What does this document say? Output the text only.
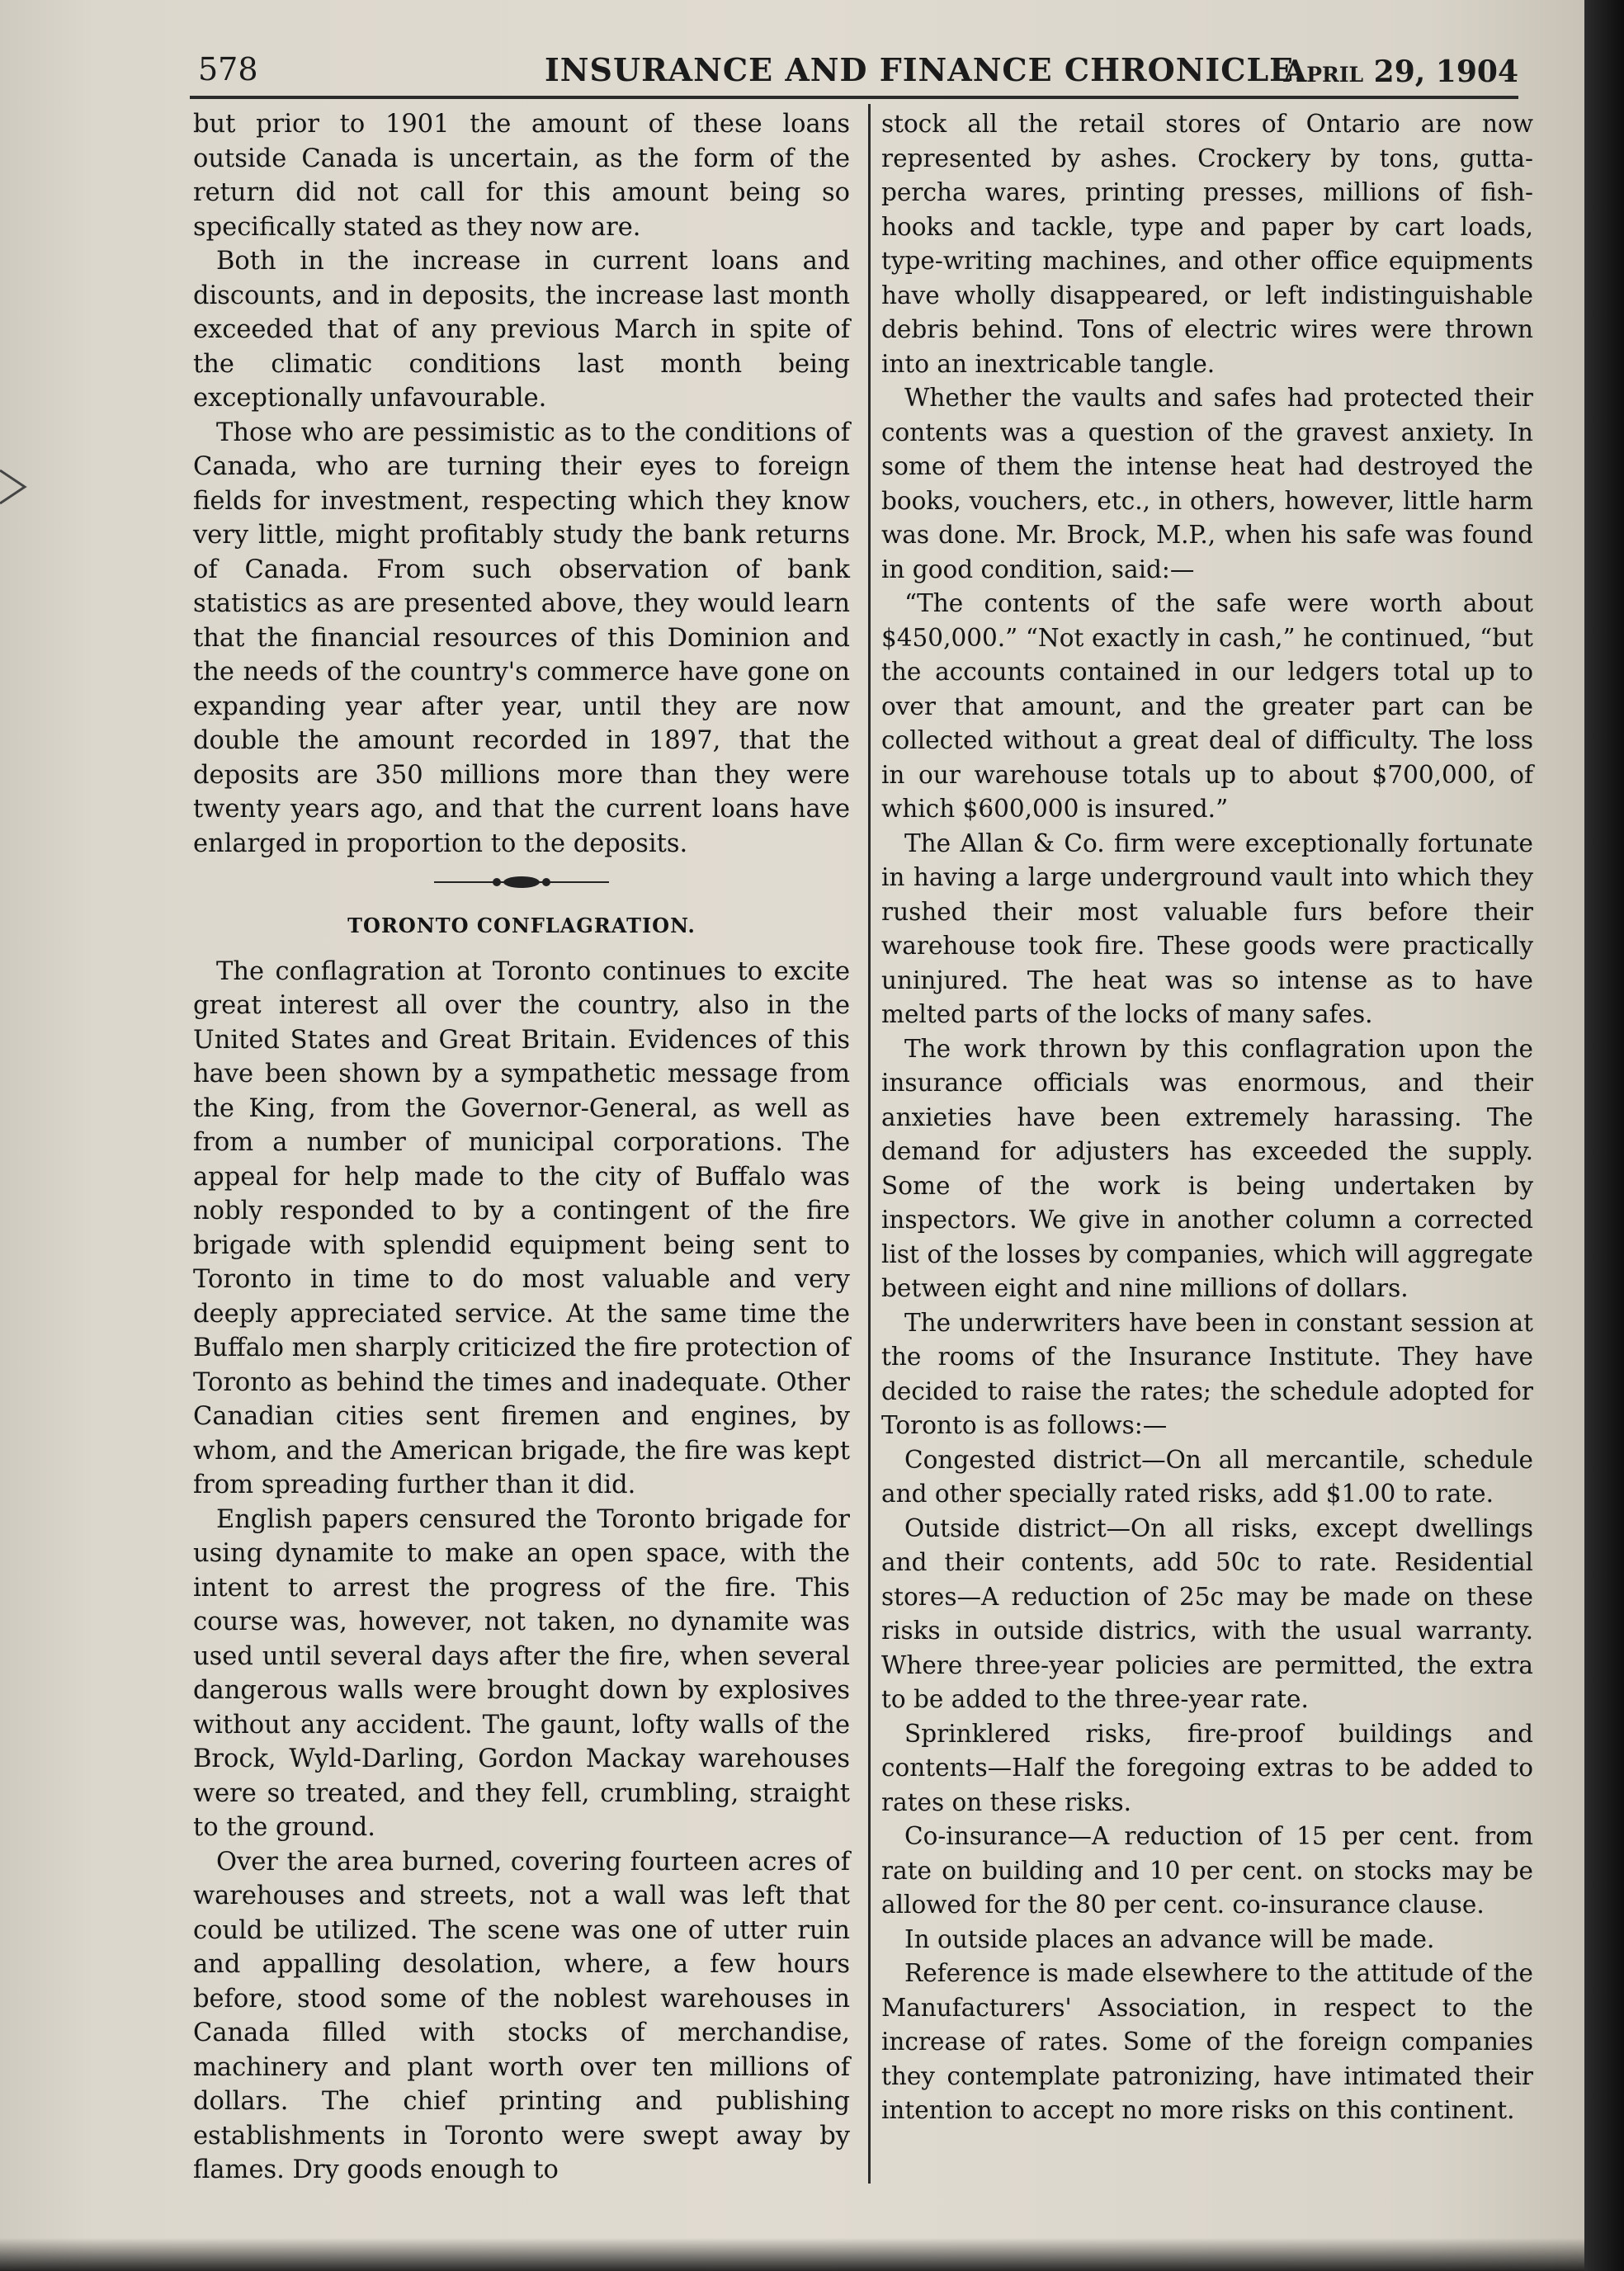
578	INSURANCE AND FINANCE CHRONICLE.
April 29, 1904

but prior to 1901 the amount of these loans outside Canada is uncertain, as the form of the return did not call for this amount being so specifically stated as they now are.

Both in the increase in current loans and discounts, and in deposits, the increase last month exceeded that of any previous March in spite of the climatic conditions last month being exceptionally unfavourable.

Those who are pessimistic as to the conditions of Canada, who are turning their eyes to foreign fields for investment, respecting which they know very little, might profitably study the bank returns of Canada. From such observation of bank statistics as are presented above, they would learn that the financial resources of this Dominion and the needs of the country's commerce have gone on expanding year after year, until they are now double the amount recorded in 1897, that the deposits are 350 millions more than they were twenty years ago, and that the current loans have enlarged in proportion to the deposits.

TORONTO CONFLAGRATION.

The conflagration at Toronto continues to excite great interest all over the country, also in the United States and Great Britain. Evidences of this have been shown by a sympathetic message from the King, from the Governor-General, as well as from a number of municipal corporations. The appeal for help made to the city of Buffalo was nobly responded to by a contingent of the fire brigade with splendid equipment being sent to Toronto in time to do most valuable and very deeply appreciated service. At the same time the Buffalo men sharply criticized the fire protection of Toronto as behind the times and inadequate. Other Canadian cities sent firemen and engines, by whom, and the American brigade, the fire was kept from spreading further than it did.

English papers censured the Toronto brigade for using dynamite to make an open space, with the intent to arrest the progress of the fire. This course was, however, not taken, no dynamite was used until several days after the fire, when several dangerous walls were brought down by explosives without any accident. The gaunt, lofty walls of the Brock, Wyld-Darling, Gordon Mackay warehouses were so treated, and they fell, crumbling, straight to the ground.

Over the area burned, covering fourteen acres of warehouses and streets, not a wall was left that could be utilized. The scene was one of utter ruin and appalling desolation, where, a few hours before, stood some of the noblest warehouses in Canada filled with stocks of merchandise, machinery and plant worth over ten millions of dollars. The chief printing and publishing establishments in Toronto were swept away by flames. Dry goods enough to

stock all the retail stores of Ontario are now represented by ashes. Crockery by tons, gutta-percha wares, printing presses, millions of fish-hooks and tackle, type and paper by cart loads, type-writing machines, and other office equipments have wholly disappeared, or left indistinguishable debris behind. Tons of electric wires were thrown into an inextricable tangle.

Whether the vaults and safes had protected their contents was a question of the gravest anxiety. In some of them the intense heat had destroyed the books, vouchers, etc., in others, however, little harm was done. Mr. Brock, M.P., when his safe was found in good condition, said:—

“The contents of the safe were worth about $450,000.” “Not exactly in cash,” he continued, “but the accounts contained in our ledgers total up to over that amount, and the greater part can be collected without a great deal of difficulty. The loss in our warehouse totals up to about $700,000, of which $600,000 is insured.”

The Allan & Co. firm were exceptionally fortunate in having a large underground vault into which they rushed their most valuable furs before their warehouse took fire. These goods were practically uninjured. The heat was so intense as to have melted parts of the locks of many safes.

The work thrown by this conflagration upon the insurance officials was enormous, and their anxieties have been extremely harassing. The demand for adjusters has exceeded the supply. Some of the work is being undertaken by inspectors. We give in another column a corrected list of the losses by companies, which will aggregate between eight and nine millions of dollars.

The underwriters have been in constant session at the rooms of the Insurance Institute. They have decided to raise the rates; the schedule adopted for Toronto is as follows:—

Congested district—On all mercantile, schedule and other specially rated risks, add $1.00 to rate.

Outside district—On all risks, except dwellings and their contents, add 50c to rate. Residential stores—A reduction of 25c may be made on these risks in outside districs, with the usual warranty. Where three-year policies are permitted, the extra to be added to the three-year rate.

Sprinklered risks, fire-proof buildings and contents—Half the foregoing extras to be added to rates on these risks.

Co-insurance—A reduction of 15 per cent. from rate on building and 10 per cent. on stocks may be allowed for the 80 per cent. co-insurance clause.

In outside places an advance will be made.

Reference is made elsewhere to the attitude of the Manufacturers' Association, in respect to the increase of rates. Some of the foreign companies they contemplate patronizing, have intimated their intention to accept no more risks on this continent.
